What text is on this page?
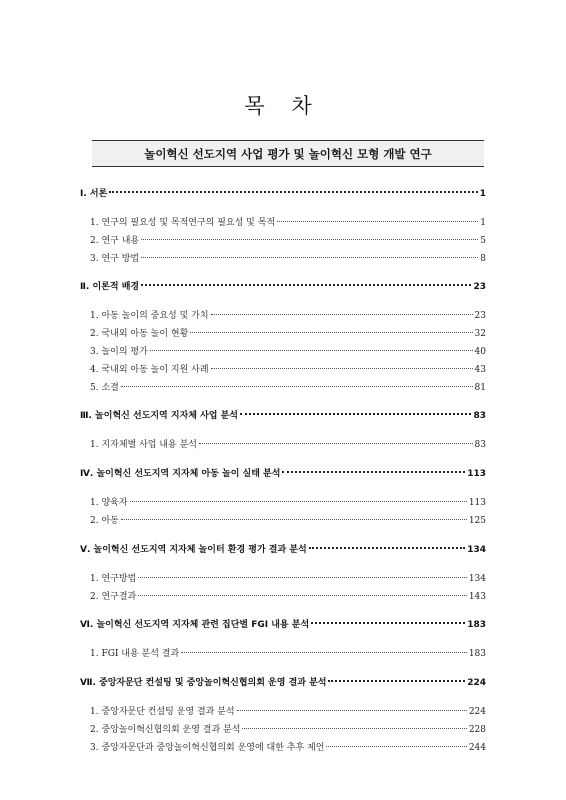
목 차
놀이혁신 선도지역 사업 평가 및 놀이혁신 모형 개발 연구
Ⅰ. 서론	1
1. 연구의 필요성 및 목적연구의 필요성 및 목적	1
2. 연구 내용	5
3. 연구 방법	8
Ⅱ. 이론적 배경	23
1. 아동 놀이의 중요성 및 가치	23
2. 국내외 아동 놀이 현황	32
3. 놀이의 평가	40
4. 국내외 아동 놀이 지원 사례	43
5. 소결	81
Ⅲ. 놀이혁신 선도지역 지자체 사업 분석	83
1. 지자체별 사업 내용 분석	83
Ⅳ. 놀이혁신 선도지역 지자체 아동 놀이 실태 분석	113
1. 양육자	113
2. 아동	125
Ⅴ. 놀이혁신 선도지역 지자체 놀이터 환경 평가 결과 분석	134
1. 연구방법	134
2. 연구결과	143
Ⅵ. 놀이혁신 선도지역 지자체 관련 집단별 FGI 내용 분석	183
1. FGI 내용 분석 결과	183
Ⅶ. 중앙자문단 컨설팅 및 중앙놀이혁신협의회 운영 결과 분석	224
1. 중앙자문단 컨설팅 운영 결과 분석	224
2. 중앙놀이혁신협의회 운영 결과 분석	228
3. 중앙자문단과 중앙놀이혁신협의회 운영에 대한 추후 제언	244
